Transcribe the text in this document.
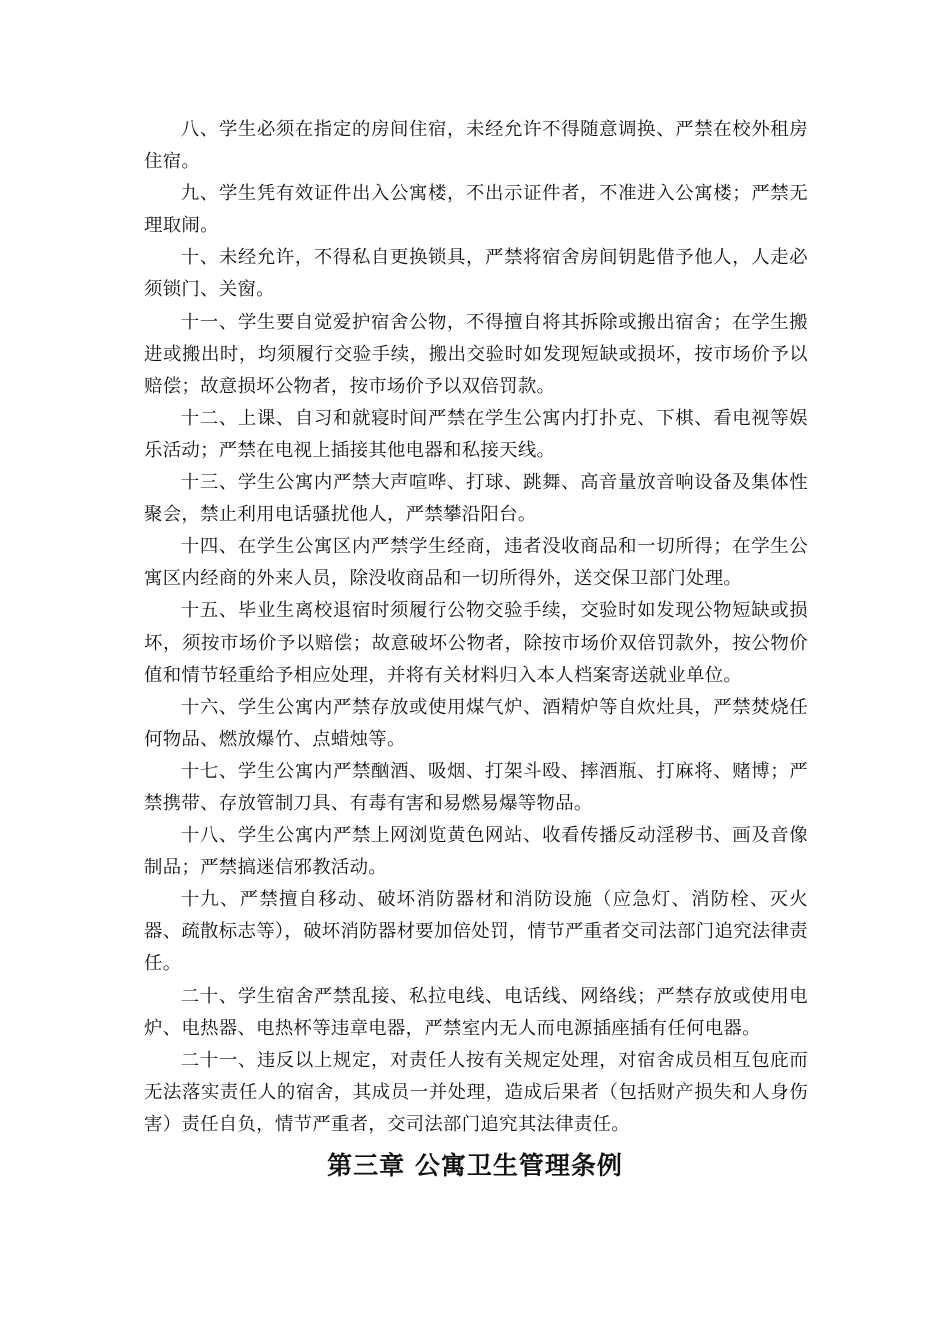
八、学生必须在指定的房间住宿，未经允许不得随意调换、严禁在校外租房住宿。

九、学生凭有效证件出入公寓楼，不出示证件者，不准进入公寓楼；严禁无理取闹。

十、未经允许，不得私自更换锁具，严禁将宿舍房间钥匙借予他人，人走必须锁门、关窗。

十一、学生要自觉爱护宿舍公物，不得擅自将其拆除或搬出宿舍；在学生搬进或搬出时，均须履行交验手续，搬出交验时如发现短缺或损坏，按市场价予以赔偿；故意损坏公物者，按市场价予以双倍罚款。

十二、上课、自习和就寝时间严禁在学生公寓内打扑克、下棋、看电视等娱乐活动；严禁在电视上插接其他电器和私接天线。

十三、学生公寓内严禁大声喧哗、打球、跳舞、高音量放音响设备及集体性聚会，禁止利用电话骚扰他人，严禁攀沿阳台。

十四、在学生公寓区内严禁学生经商，违者没收商品和一切所得；在学生公寓区内经商的外来人员，除没收商品和一切所得外，送交保卫部门处理。

十五、毕业生离校退宿时须履行公物交验手续，交验时如发现公物短缺或损坏，须按市场价予以赔偿；故意破坏公物者，除按市场价双倍罚款外，按公物价值和情节轻重给予相应处理，并将有关材料归入本人档案寄送就业单位。

十六、学生公寓内严禁存放或使用煤气炉、酒精炉等自炊灶具，严禁焚烧任何物品、燃放爆竹、点蜡烛等。

十七、学生公寓内严禁酗酒、吸烟、打架斗殴、摔酒瓶、打麻将、赌博；严禁携带、存放管制刀具、有毒有害和易燃易爆等物品。

十八、学生公寓内严禁上网浏览黄色网站、收看传播反动淫秽书、画及音像制品；严禁搞迷信邪教活动。

十九、严禁擅自移动、破坏消防器材和消防设施（应急灯、消防栓、灭火器、疏散标志等），破坏消防器材要加倍处罚，情节严重者交司法部门追究法律责任。

二十、学生宿舍严禁乱接、私拉电线、电话线、网络线；严禁存放或使用电炉、电热器、电热杯等违章电器，严禁室内无人而电源插座插有任何电器。

二十一、违反以上规定，对责任人按有关规定处理，对宿舍成员相互包庇而无法落实责任人的宿舍，其成员一并处理，造成后果者（包括财产损失和人身伤害）责任自负，情节严重者，交司法部门追究其法律责任。

第三章 公寓卫生管理条例
